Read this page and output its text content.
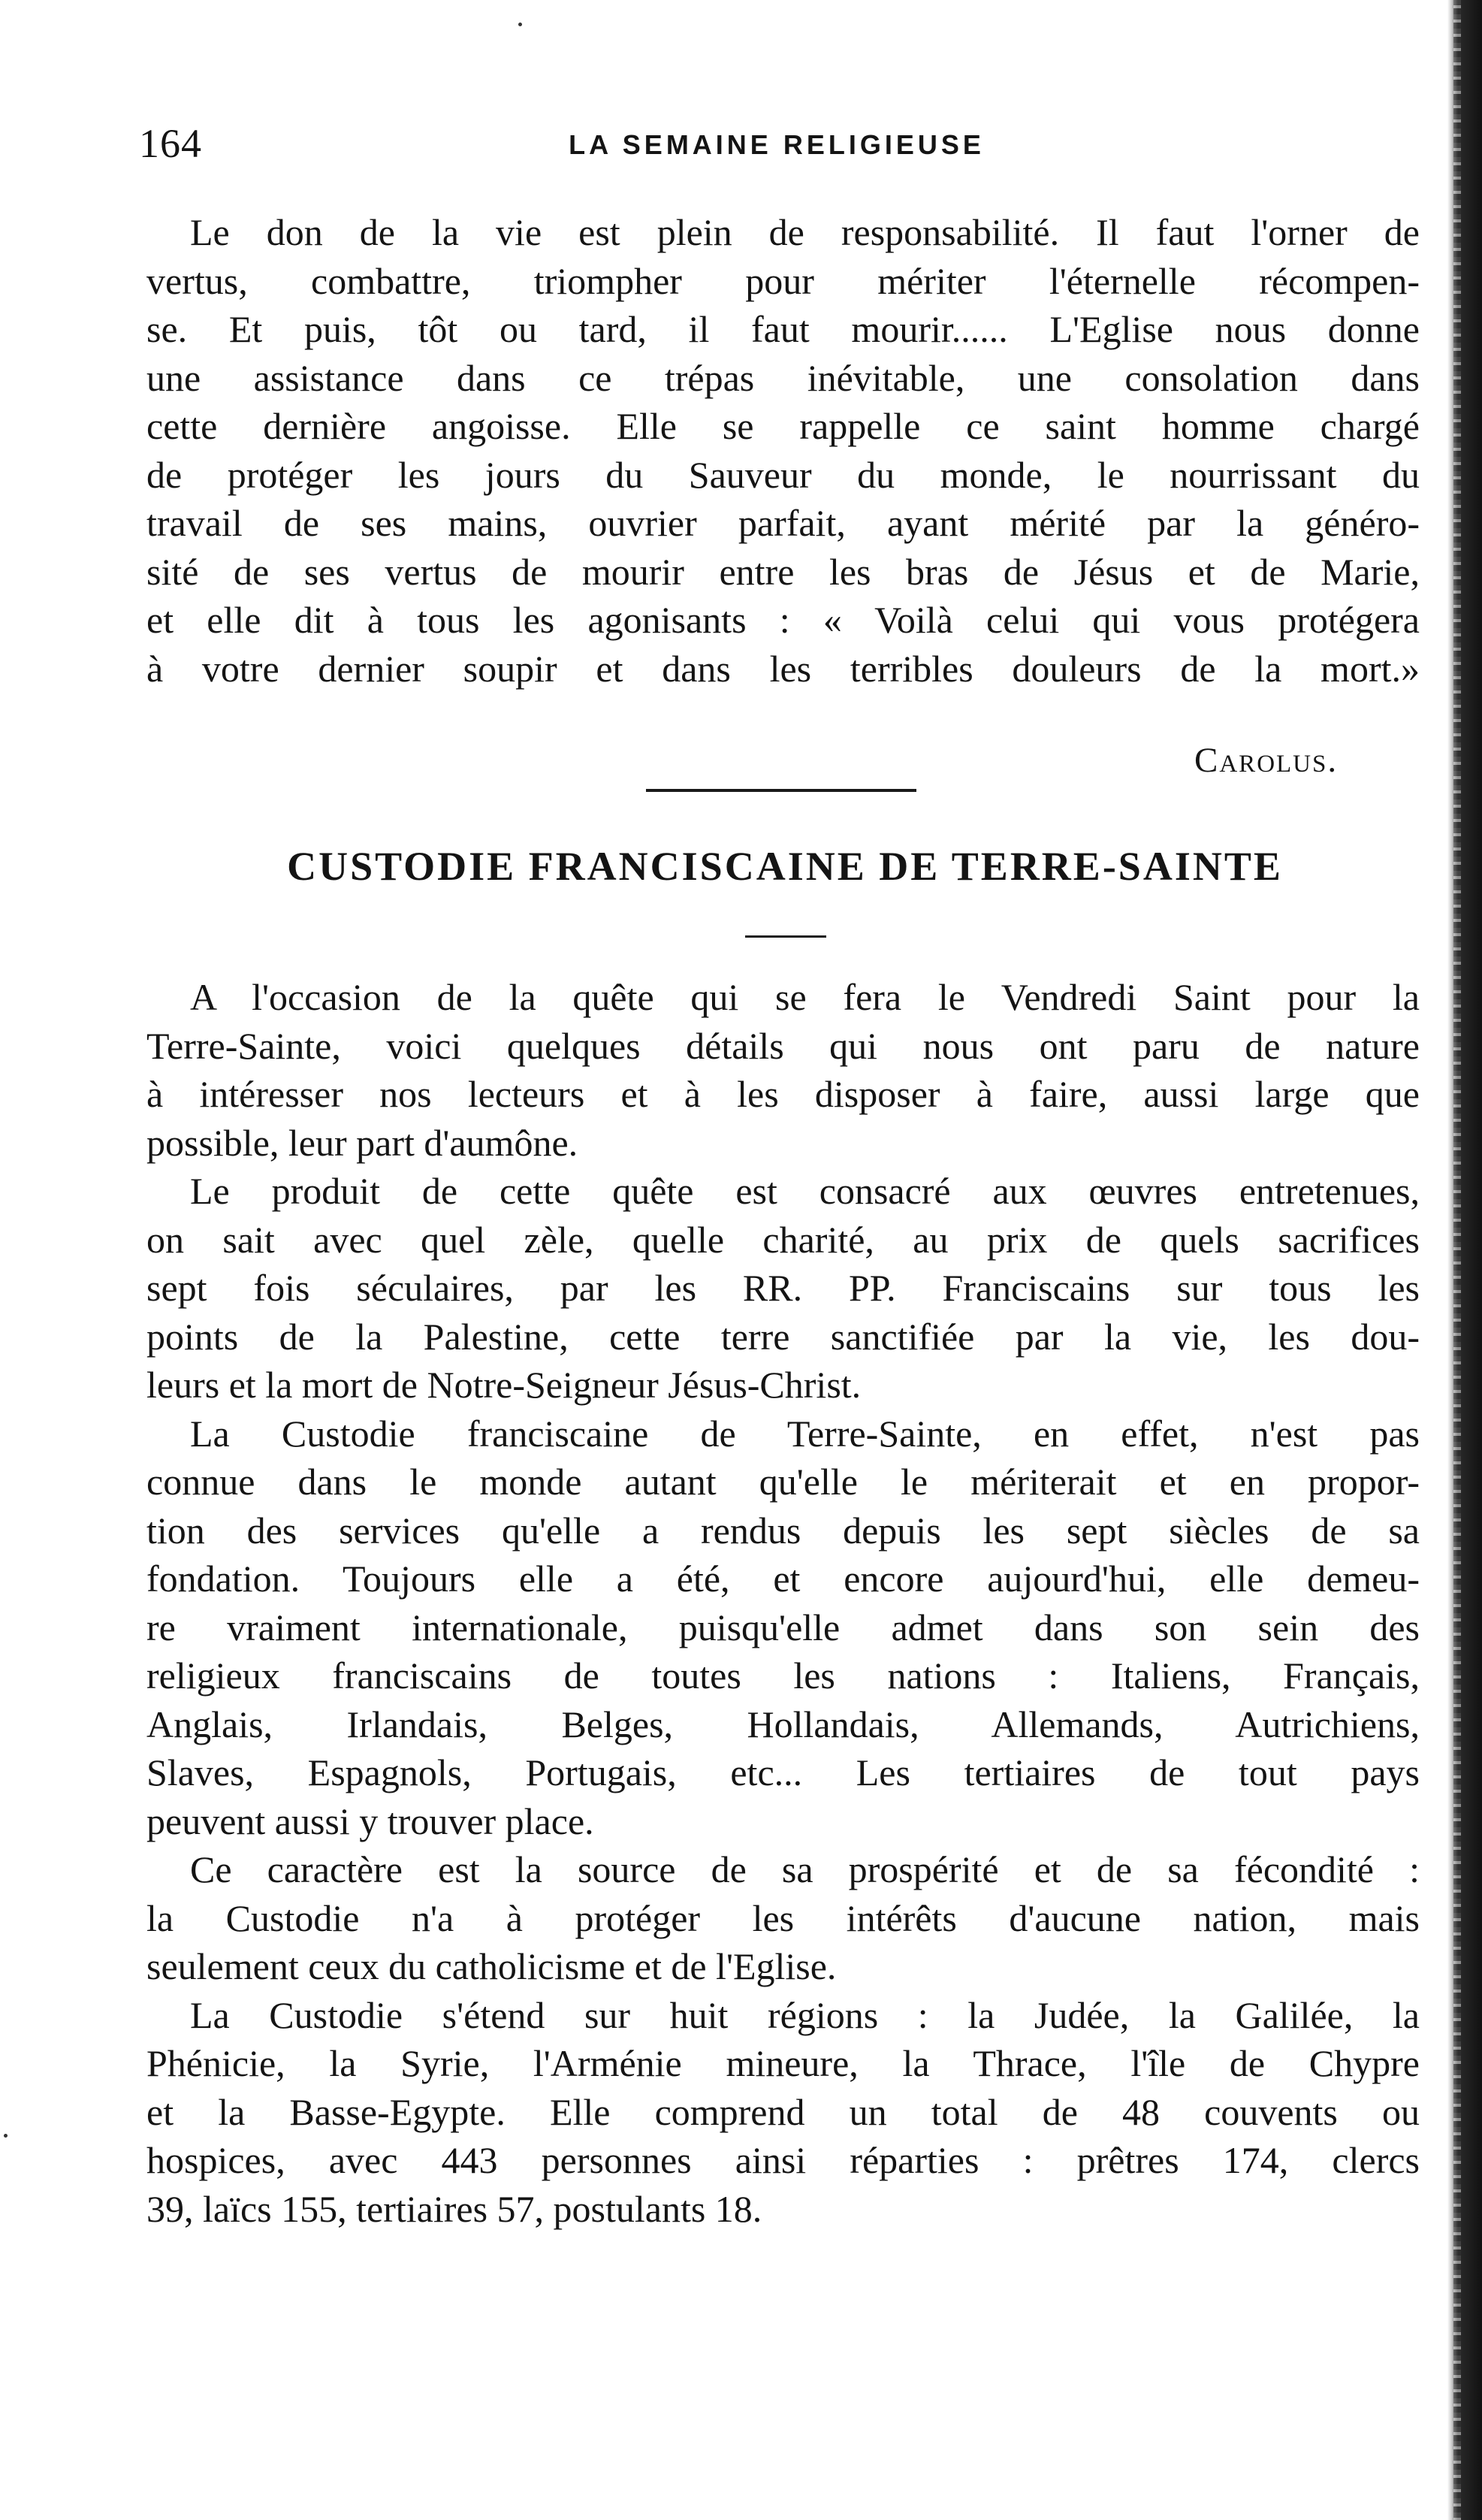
164	LA SEMAINE RELIGIEUSE
Le don de la vie est plein de responsabilité. Il faut l'orner de
vertus, combattre, triompher pour mériter l'éternelle récompen-
se. Et puis, tôt ou tard, il faut mourir...... L'Eglise nous donne
une assistance dans ce trépas inévitable, une consolation dans
cette dernière angoisse. Elle se rappelle ce saint homme chargé
de protéger les jours du Sauveur du monde, le nourrissant du
travail de ses mains, ouvrier parfait, ayant mérité par la généro-
sité de ses vertus de mourir entre les bras de Jésus et de Marie,
et elle dit à tous les agonisants : « Voilà celui qui vous protégera
à votre dernier soupir et dans les terribles douleurs de la mort.»
Carolus.
CUSTODIE FRANCISCAINE DE TERRE-SAINTE
A l'occasion de la quête qui se fera le Vendredi Saint pour la
Terre-Sainte, voici quelques détails qui nous ont paru de nature
à intéresser nos lecteurs et à les disposer à faire, aussi large que
possible, leur part d'aumône.
Le produit de cette quête est consacré aux œuvres entretenues,
on sait avec quel zèle, quelle charité, au prix de quels sacrifices
sept fois séculaires, par les RR. PP. Franciscains sur tous les
points de la Palestine, cette terre sanctifiée par la vie, les dou-
leurs et la mort de Notre-Seigneur Jésus-Christ.
La Custodie franciscaine de Terre-Sainte, en effet, n'est pas
connue dans le monde autant qu'elle le mériterait et en propor-
tion des services qu'elle a rendus depuis les sept siècles de sa
fondation. Toujours elle a été, et encore aujourd'hui, elle demeu-
re vraiment internationale, puisqu'elle admet dans son sein des
religieux franciscains de toutes les nations : Italiens, Français,
Anglais, Irlandais, Belges, Hollandais, Allemands, Autrichiens,
Slaves, Espagnols, Portugais, etc... Les tertiaires de tout pays
peuvent aussi y trouver place.
Ce caractère est la source de sa prospérité et de sa fécondité :
la Custodie n'a à protéger les intérêts d'aucune nation, mais
seulement ceux du catholicisme et de l'Eglise.
La Custodie s'étend sur huit régions : la Judée, la Galilée, la
Phénicie, la Syrie, l'Arménie mineure, la Thrace, l'île de Chypre
et la Basse-Egypte. Elle comprend un total de 48 couvents ou
hospices, avec 443 personnes ainsi réparties : prêtres 174, clercs
39, laïcs 155, tertiaires 57, postulants 18.
